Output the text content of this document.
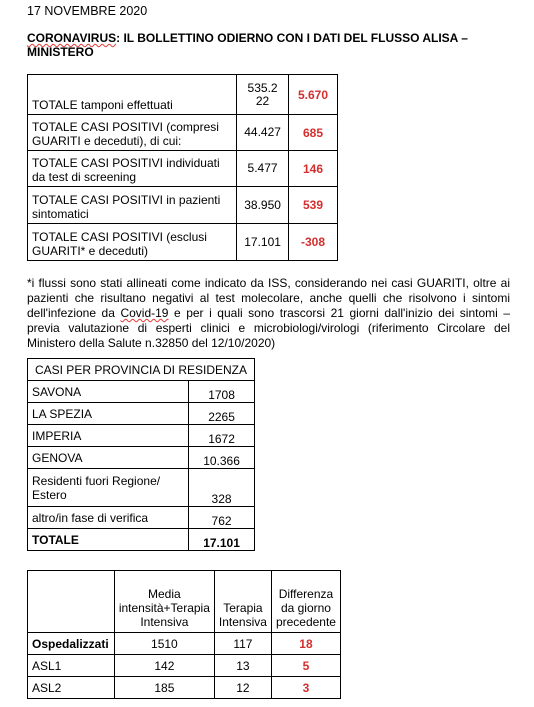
17 NOVEMBRE 2020
CORONAVIRUS: IL BOLLETTINO ODIERNO CON I DATI DEL FLUSSO ALISA – MINISTERO
TOTALE tamponi effettuati	535.222	5.670
TOTALE CASI POSITIVI (compresi GUARITI e deceduti), di cui:	44.427	685
TOTALE CASI POSITIVI individuati da test di screening	5.477	146
TOTALE CASI POSITIVI in pazienti sintomatici	38.950	539
TOTALE CASI POSITIVI (esclusi GUARITI* e deceduti)	17.101	-308
*i flussi sono stati allineati come indicato da ISS, considerando nei casi GUARITI, oltre ai pazienti che risultano negativi al test molecolare, anche quelli che risolvono i sintomi dell'infezione da Covid-19 e per i quali sono trascorsi 21 giorni dall'inizio dei sintomi – previa valutazione di esperti clinici e microbiologi/virologi (riferimento Circolare del Ministero della Salute n.32850 del 12/10/2020)
CASI PER PROVINCIA DI RESIDENZA	
SAVONA	1708
LA SPEZIA	2265
IMPERIA	1672
GENOVA	10.366
Residenti fuori Regione/ Estero	328
altro/in fase di verifica	762
TOTALE	17.101
	Media intensità+Terapia Intensiva	Terapia Intensiva	Differenza da giorno precedente
Ospedalizzati	1510	117	18
ASL1	142	13	5
ASL2	185	12	3
